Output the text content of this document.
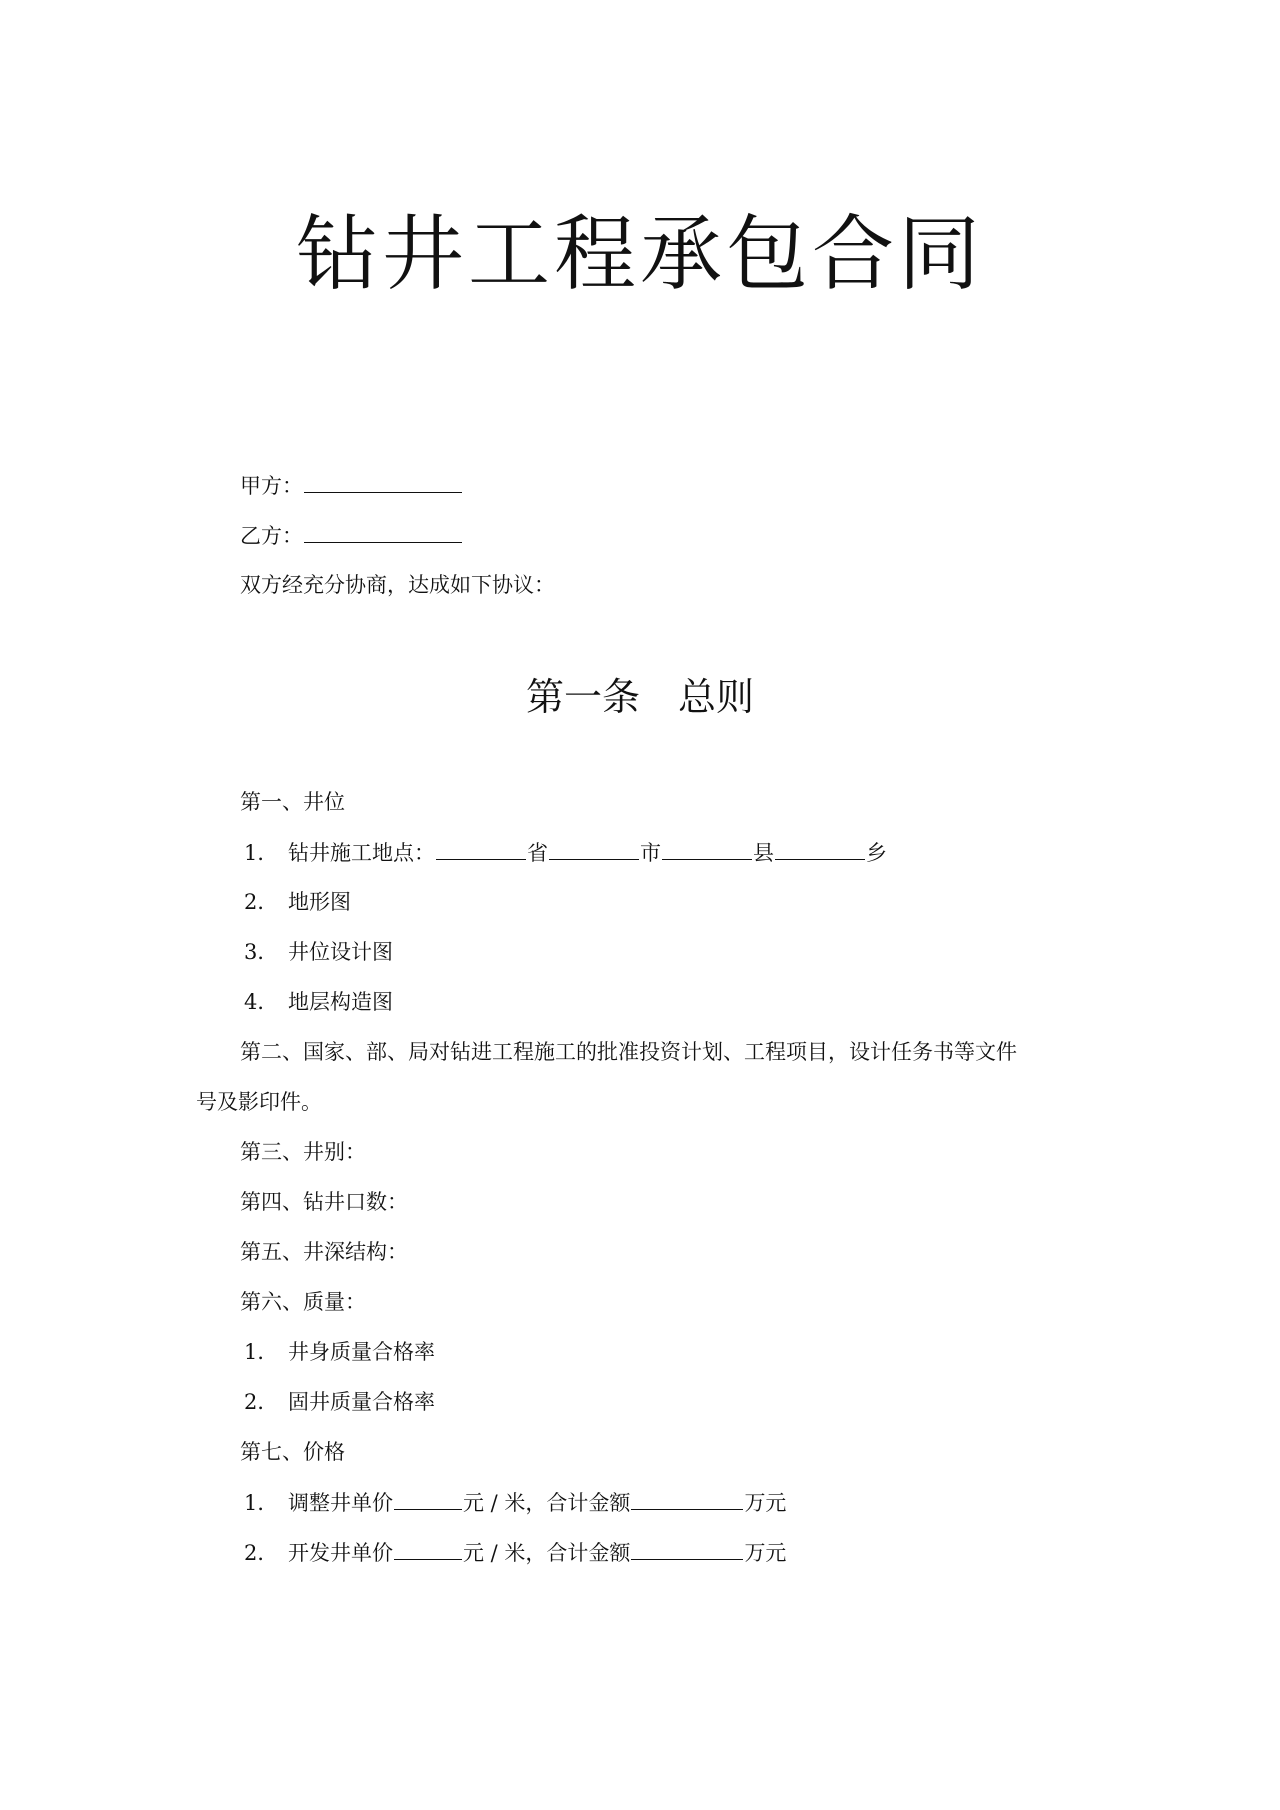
钻井工程承包合同
甲方：
乙方：
双方经充分协商，达成如下协议：
第一条　总则
第一、井位
1． 钻井施工地点：	省	市	县	乡
2． 地形图
3． 井位设计图
4． 地层构造图
第二、国家、部、局对钻进工程施工的批准投资计划、工程项目，设计任务书等文件
号及影印件。
第三、井别：
第四、钻井口数：
第五、井深结构：
第六、质量：
1． 井身质量合格率
2． 固井质量合格率
第七、价格
1． 调整井单价	元 / 米，合计金额	万元
2． 开发井单价	元 / 米，合计金额	万元
